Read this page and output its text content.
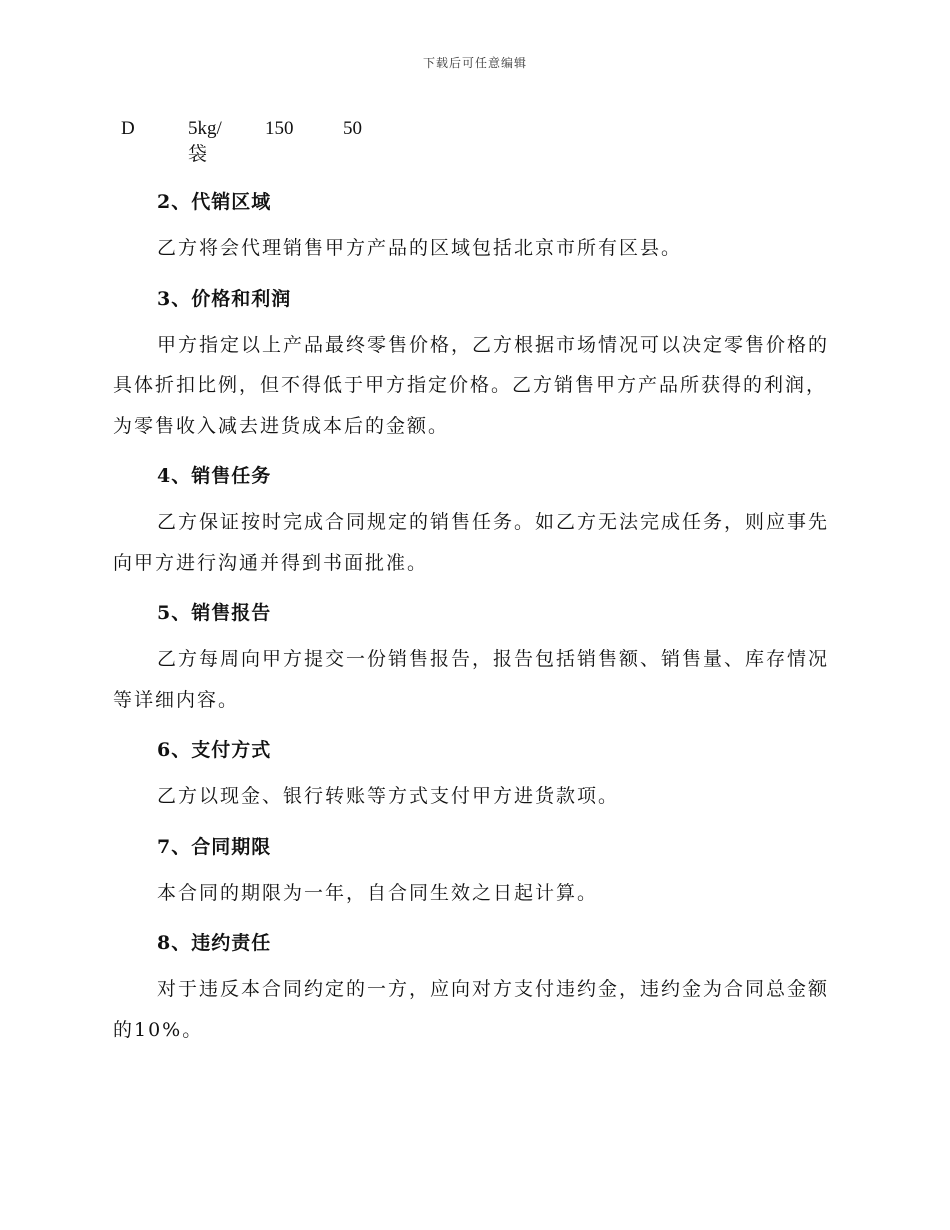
下载后可任意编辑
D	5kg/袋
150	50
2、代销区域

乙方将会代理销售甲方产品的区域包括北京市所有区县。

3、价格和利润

甲方指定以上产品最终零售价格，乙方根据市场情况可以决定零售价格的具体折扣比例，但不得低于甲方指定价格。乙方销售甲方产品所获得的利润，为零售收入减去进货成本后的金额。

4、销售任务

乙方保证按时完成合同规定的销售任务。如乙方无法完成任务，则应事先向甲方进行沟通并得到书面批准。

5、销售报告

乙方每周向甲方提交一份销售报告，报告包括销售额、销售量、库存情况等详细内容。

6、支付方式

乙方以现金、银行转账等方式支付甲方进货款项。

7、合同期限

本合同的期限为一年，自合同生效之日起计算。

8、违约责任

对于违反本合同约定的一方，应向对方支付违约金，违约金为合同总金额的10%。
